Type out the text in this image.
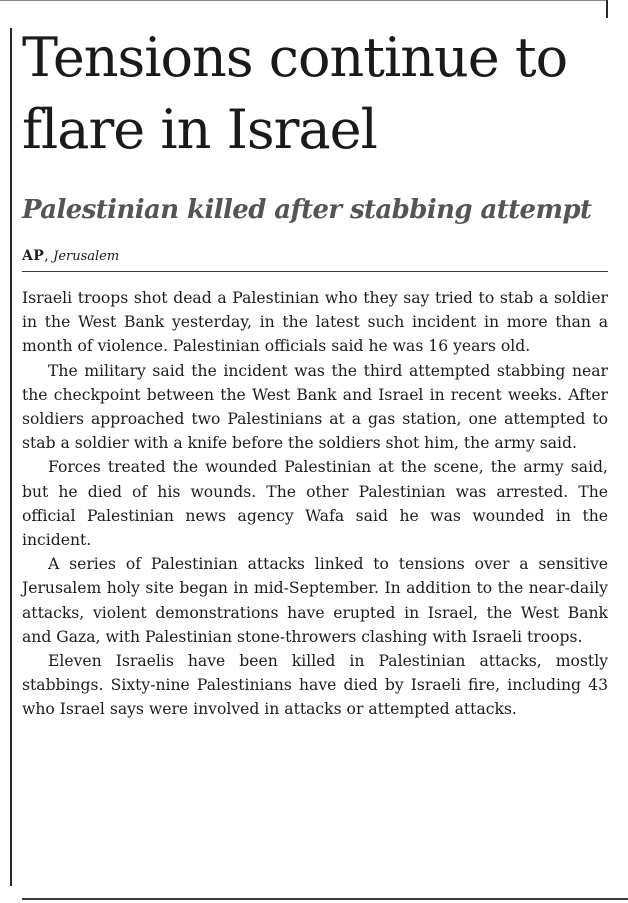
Tensions continue to flare in Israel
Palestinian killed after stabbing attempt
AP, Jerusalem

Israeli troops shot dead a Palestinian who they say tried to stab a soldier in the West Bank yesterday, in the latest such incident in more than a month of violence. Palestinian officials said he was 16 years old.

The military said the incident was the third attempted stabbing near the checkpoint between the West Bank and Israel in recent weeks. After soldiers approached two Palestinians at a gas station, one attempted to stab a soldier with a knife before the soldiers shot him, the army said.

Forces treated the wounded Palestinian at the scene, the army said, but he died of his wounds. The other Palestinian was arrested. The official Palestinian news agency Wafa said he was wounded in the incident.

A series of Palestinian attacks linked to tensions over a sensitive Jerusalem holy site began in mid-September. In addition to the near-daily attacks, violent demonstrations have erupted in Israel, the West Bank and Gaza, with Palestinian stone-throwers clashing with Israeli troops.

Eleven Israelis have been killed in Palestinian attacks, mostly stabbings. Sixty-nine Palestinians have died by Israeli fire, including 43 who Israel says were involved in attacks or attempted attacks.
